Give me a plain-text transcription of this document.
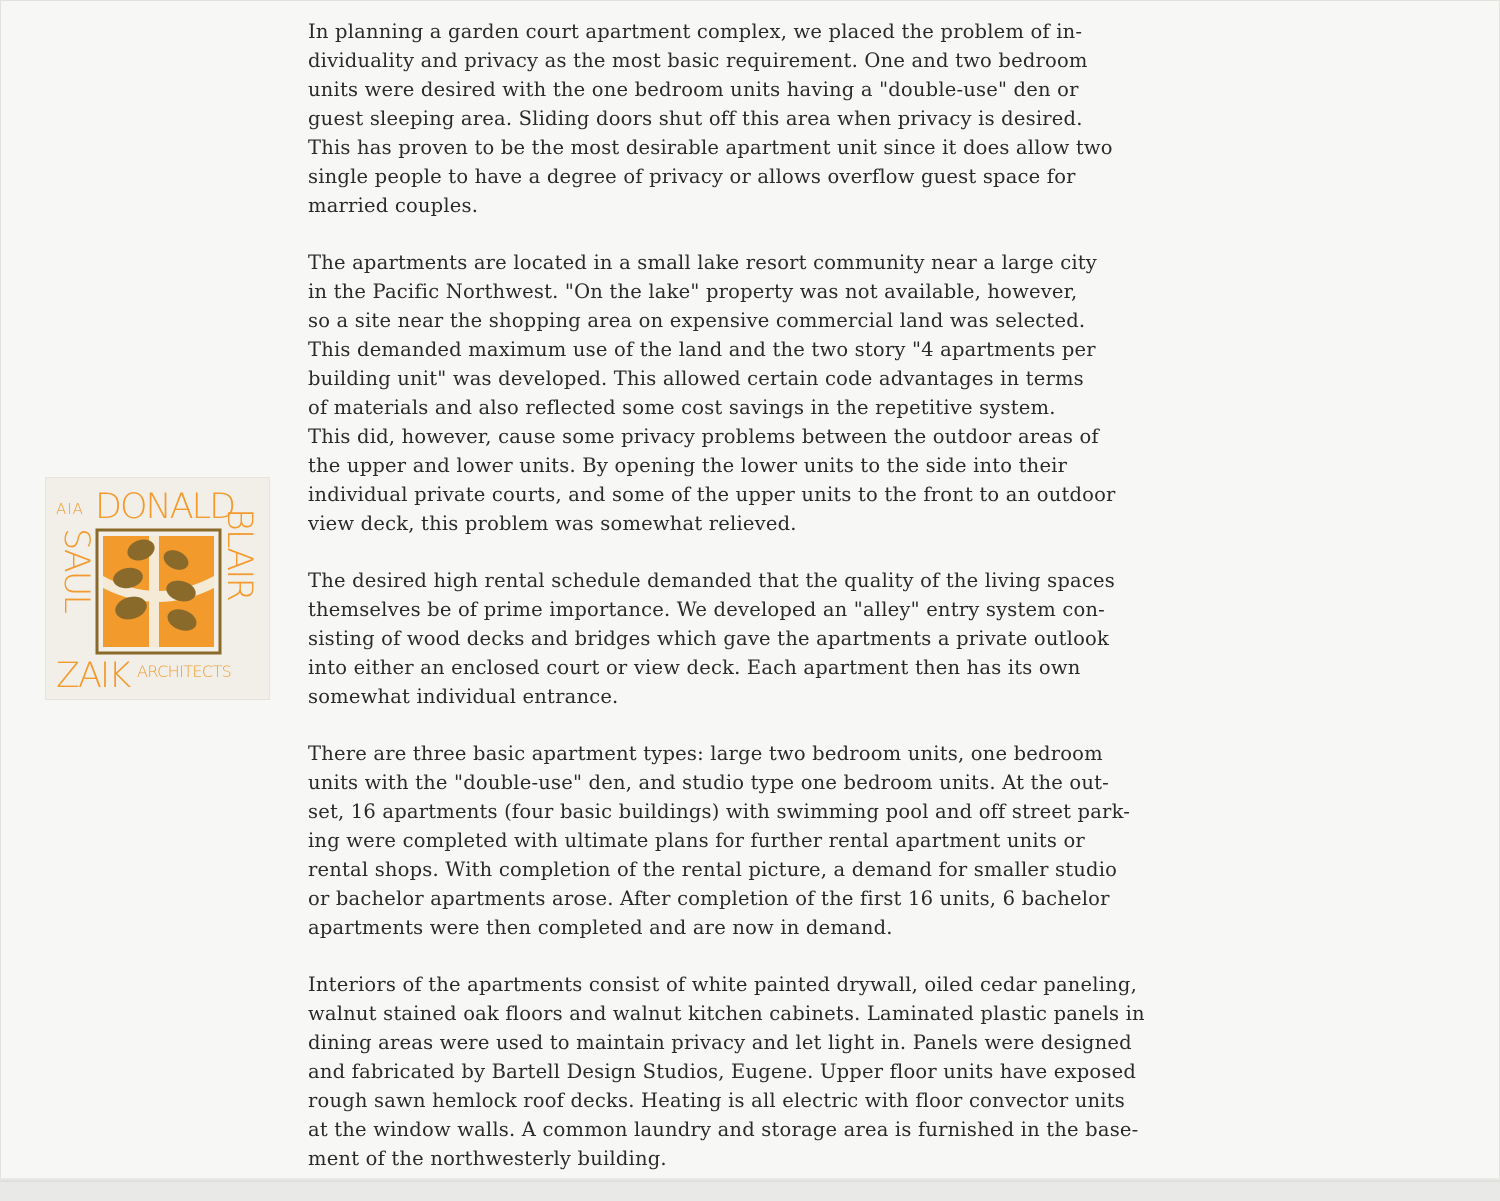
AIA DONALD
BLAIR
SAUL
ZAIK ARCHITECTS

In planning a garden court apartment complex, we placed the problem of in-
dividuality and privacy as the most basic requirement. One and two bedroom
units were desired with the one bedroom units having a "double-use" den or
guest sleeping area. Sliding doors shut off this area when privacy is desired.
This has proven to be the most desirable apartment unit since it does allow two
single people to have a degree of privacy or allows overflow guest space for
married couples.

The apartments are located in a small lake resort community near a large city
in the Pacific Northwest. "On the lake" property was not available, however,
so a site near the shopping area on expensive commercial land was selected.
This demanded maximum use of the land and the two story "4 apartments per
building unit" was developed. This allowed certain code advantages in terms
of materials and also reflected some cost savings in the repetitive system.
This did, however, cause some privacy problems between the outdoor areas of
the upper and lower units. By opening the lower units to the side into their
individual private courts, and some of the upper units to the front to an outdoor
view deck, this problem was somewhat relieved.

The desired high rental schedule demanded that the quality of the living spaces
themselves be of prime importance. We developed an "alley" entry system con-
sisting of wood decks and bridges which gave the apartments a private outlook
into either an enclosed court or view deck. Each apartment then has its own
somewhat individual entrance.

There are three basic apartment types: large two bedroom units, one bedroom
units with the "double-use" den, and studio type one bedroom units. At the out-
set, 16 apartments (four basic buildings) with swimming pool and off street park-
ing were completed with ultimate plans for further rental apartment units or
rental shops. With completion of the rental picture, a demand for smaller studio
or bachelor apartments arose. After completion of the first 16 units, 6 bachelor
apartments were then completed and are now in demand.

Interiors of the apartments consist of white painted drywall, oiled cedar paneling,
walnut stained oak floors and walnut kitchen cabinets. Laminated plastic panels in
dining areas were used to maintain privacy and let light in. Panels were designed
and fabricated by Bartell Design Studios, Eugene. Upper floor units have exposed
rough sawn hemlock roof decks. Heating is all electric with floor convector units
at the window walls. A common laundry and storage area is furnished in the base-
ment of the northwesterly building.
